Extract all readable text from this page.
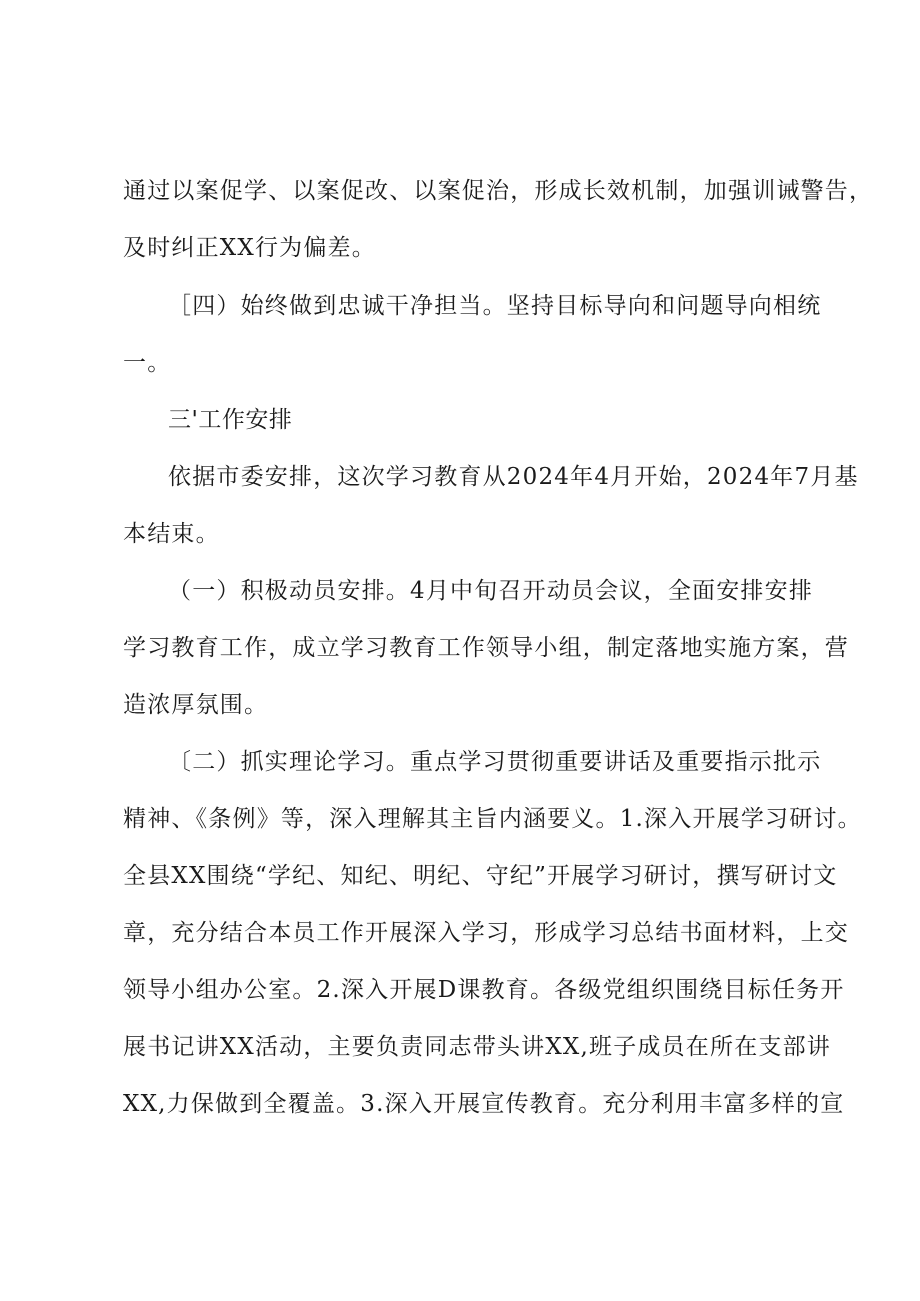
通过以案促学、以案促改、以案促治，形成长效机制，加强训诫警告，
及时纠正XX行为偏差。
［四）始终做到忠诚干净担当。坚持目标导向和问题导向相统
一。
三'工作安排
依据市委安排，这次学习教育从2024年4月开始，2024年7月基
本结束。
（一）积极动员安排。4月中旬召开动员会议，全面安排安排
学习教育工作，成立学习教育工作领导小组，制定落地实施方案，营
造浓厚氛围。
〔二）抓实理论学习。重点学习贯彻重要讲话及重要指示批示
精神、《条例》等，深入理解其主旨内涵要义。1.深入开展学习研讨。
全县XX围绕“学纪、知纪、明纪、守纪”开展学习研讨，撰写研讨文
章，充分结合本员工作开展深入学习，形成学习总结书面材料，上交
领导小组办公室。2.深入开展D课教育。各级党组织围绕目标任务开
展书记讲XX活动，主要负责同志带头讲XX,班子成员在所在支部讲
XX,力保做到全覆盖。3.深入开展宣传教育。充分利用丰富多样的宣
